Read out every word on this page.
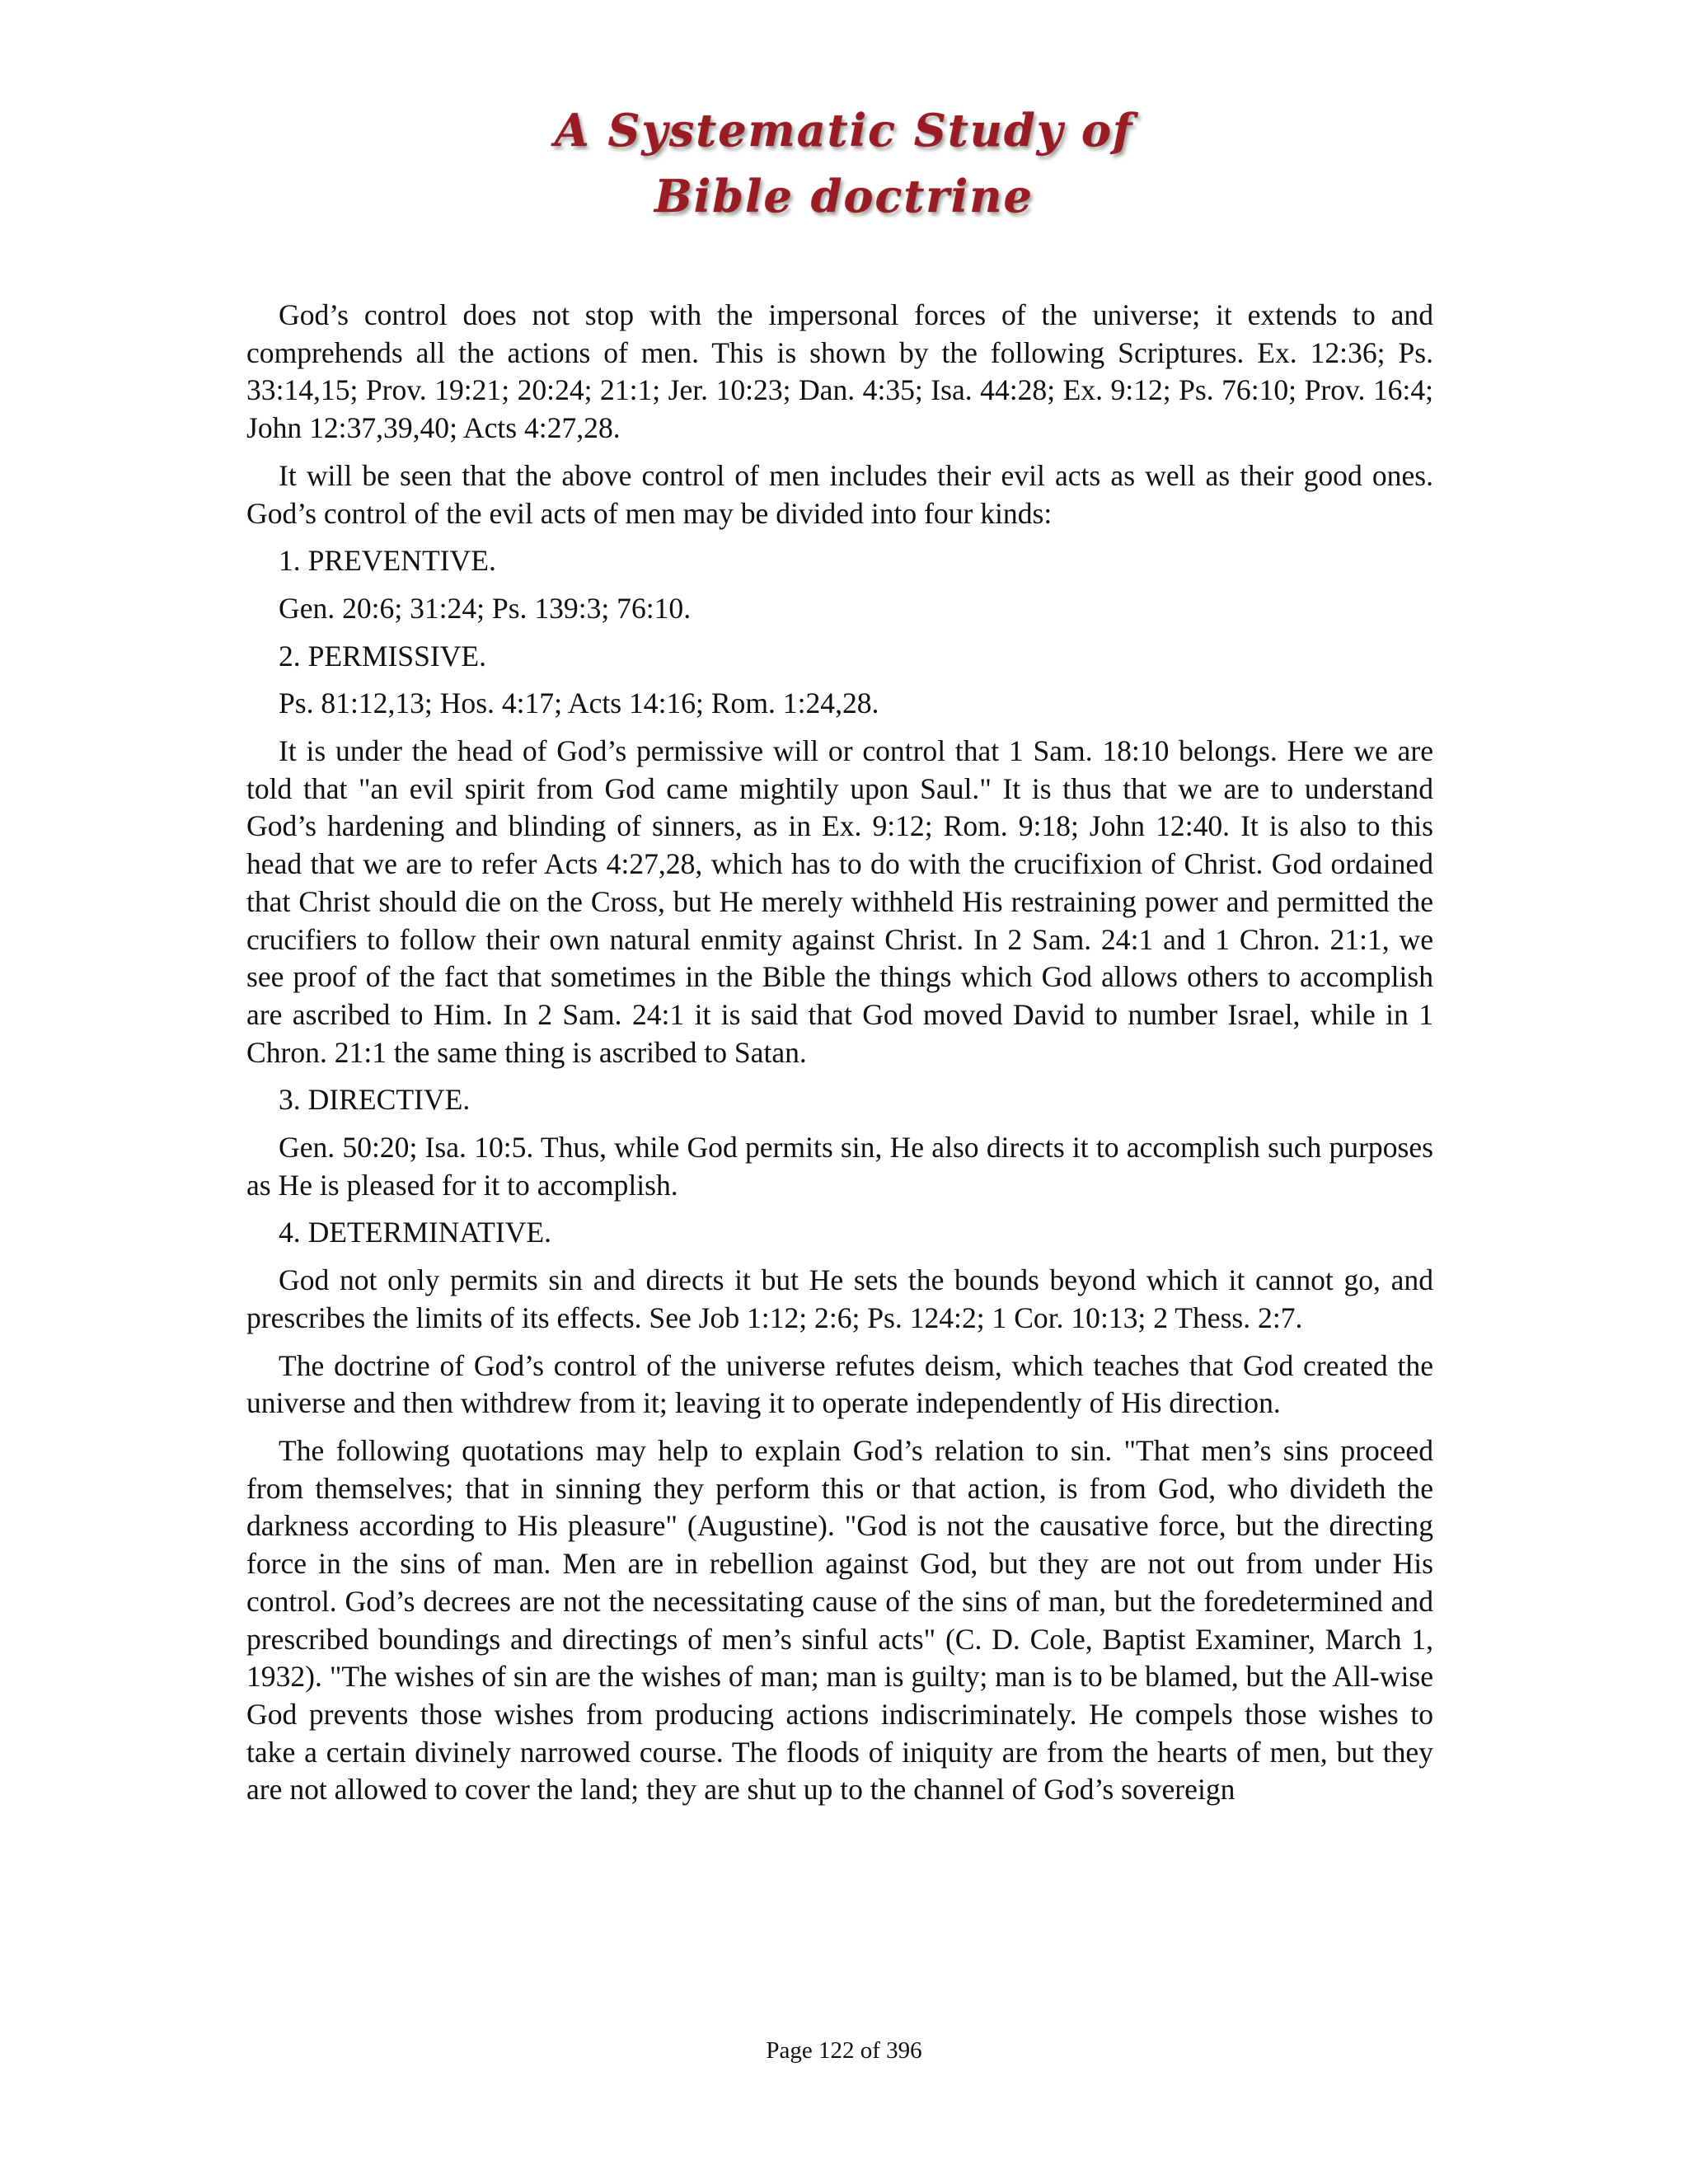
A Systematic Study of
Bible doctrine

God’s control does not stop with the impersonal forces of the universe; it extends to and comprehends all the actions of men. This is shown by the following Scriptures. Ex. 12:36; Ps. 33:14,15; Prov. 19:21; 20:24; 21:1; Jer. 10:23; Dan. 4:35; Isa. 44:28; Ex. 9:12; Ps. 76:10; Prov. 16:4; John 12:37,39,40; Acts 4:27,28.

It will be seen that the above control of men includes their evil acts as well as their good ones. God’s control of the evil acts of men may be divided into four kinds:

1. PREVENTIVE.

Gen. 20:6; 31:24; Ps. 139:3; 76:10.

2. PERMISSIVE.

Ps. 81:12,13; Hos. 4:17; Acts 14:16; Rom. 1:24,28.

It is under the head of God’s permissive will or control that 1 Sam. 18:10 belongs. Here we are told that "an evil spirit from God came mightily upon Saul." It is thus that we are to understand God’s hardening and blinding of sinners, as in Ex. 9:12; Rom. 9:18; John 12:40. It is also to this head that we are to refer Acts 4:27,28, which has to do with the crucifixion of Christ. God ordained that Christ should die on the Cross, but He merely withheld His restraining power and permitted the crucifiers to follow their own natural enmity against Christ. In 2 Sam. 24:1 and 1 Chron. 21:1, we see proof of the fact that sometimes in the Bible the things which God allows others to accomplish are ascribed to Him. In 2 Sam. 24:1 it is said that God moved David to number Israel, while in 1 Chron. 21:1 the same thing is ascribed to Satan.

3. DIRECTIVE.

Gen. 50:20; Isa. 10:5. Thus, while God permits sin, He also directs it to accomplish such purposes as He is pleased for it to accomplish.

4. DETERMINATIVE.

God not only permits sin and directs it but He sets the bounds beyond which it cannot go, and prescribes the limits of its effects. See Job 1:12; 2:6; Ps. 124:2; 1 Cor. 10:13; 2 Thess. 2:7.

The doctrine of God’s control of the universe refutes deism, which teaches that God created the universe and then withdrew from it; leaving it to operate independently of His direction.

The following quotations may help to explain God’s relation to sin. "That men’s sins proceed from themselves; that in sinning they perform this or that action, is from God, who divideth the darkness according to His pleasure" (Augustine). "God is not the causative force, but the directing force in the sins of man. Men are in rebellion against God, but they are not out from under His control. God’s decrees are not the necessitating cause of the sins of man, but the foredetermined and prescribed boundings and directings of men’s sinful acts" (C. D. Cole, Baptist Examiner, March 1, 1932). "The wishes of sin are the wishes of man; man is guilty; man is to be blamed, but the All-wise God prevents those wishes from producing actions indiscriminately. He compels those wishes to take a certain divinely narrowed course. The floods of iniquity are from the hearts of men, but they are not allowed to cover the land; they are shut up to the channel of God’s sovereign

Page 122 of 396
